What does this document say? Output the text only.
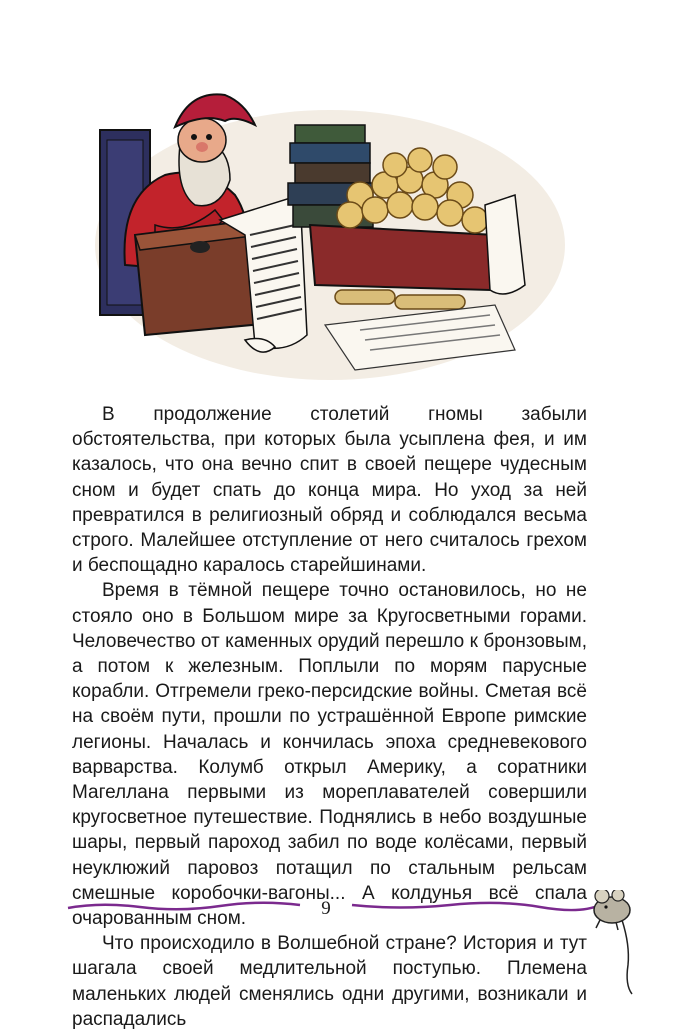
В продолжение столетий гномы забыли обстоятельства, при которых была усыплена фея, и им казалось, что она вечно спит в своей пещере чудесным сном и будет спать до конца мира. Но уход за ней превратился в религиозный обряд и соблюдался весьма строго. Малейшее отступление от него считалось грехом и беспощадно каралось старейшинами.

Время в тёмной пещере точно остановилось, но не стояло оно в Большом мире за Кругосветными горами. Человечество от каменных орудий перешло к бронзовым, а потом к железным. Поплыли по морям парусные корабли. Отгремели греко-персидские войны. Сметая всё на своём пути, прошли по устрашённой Европе римские легионы. Началась и кончилась эпоха средневекового варварства. Колумб открыл Америку, а соратники Магеллана первыми из мореплавателей совершили кругосветное путешествие. Поднялись в небо воздушные шары, первый пароход забил по воде колёсами, первый неуклюжий паровоз потащил по стальным рельсам смешные коробочки-вагоны... А колдунья всё спала очарованным сном.

Что происходило в Волшебной стране? История и тут шагала своей медлительной поступью. Племена маленьких людей сменялись одни другими, возникали и распадались

9
